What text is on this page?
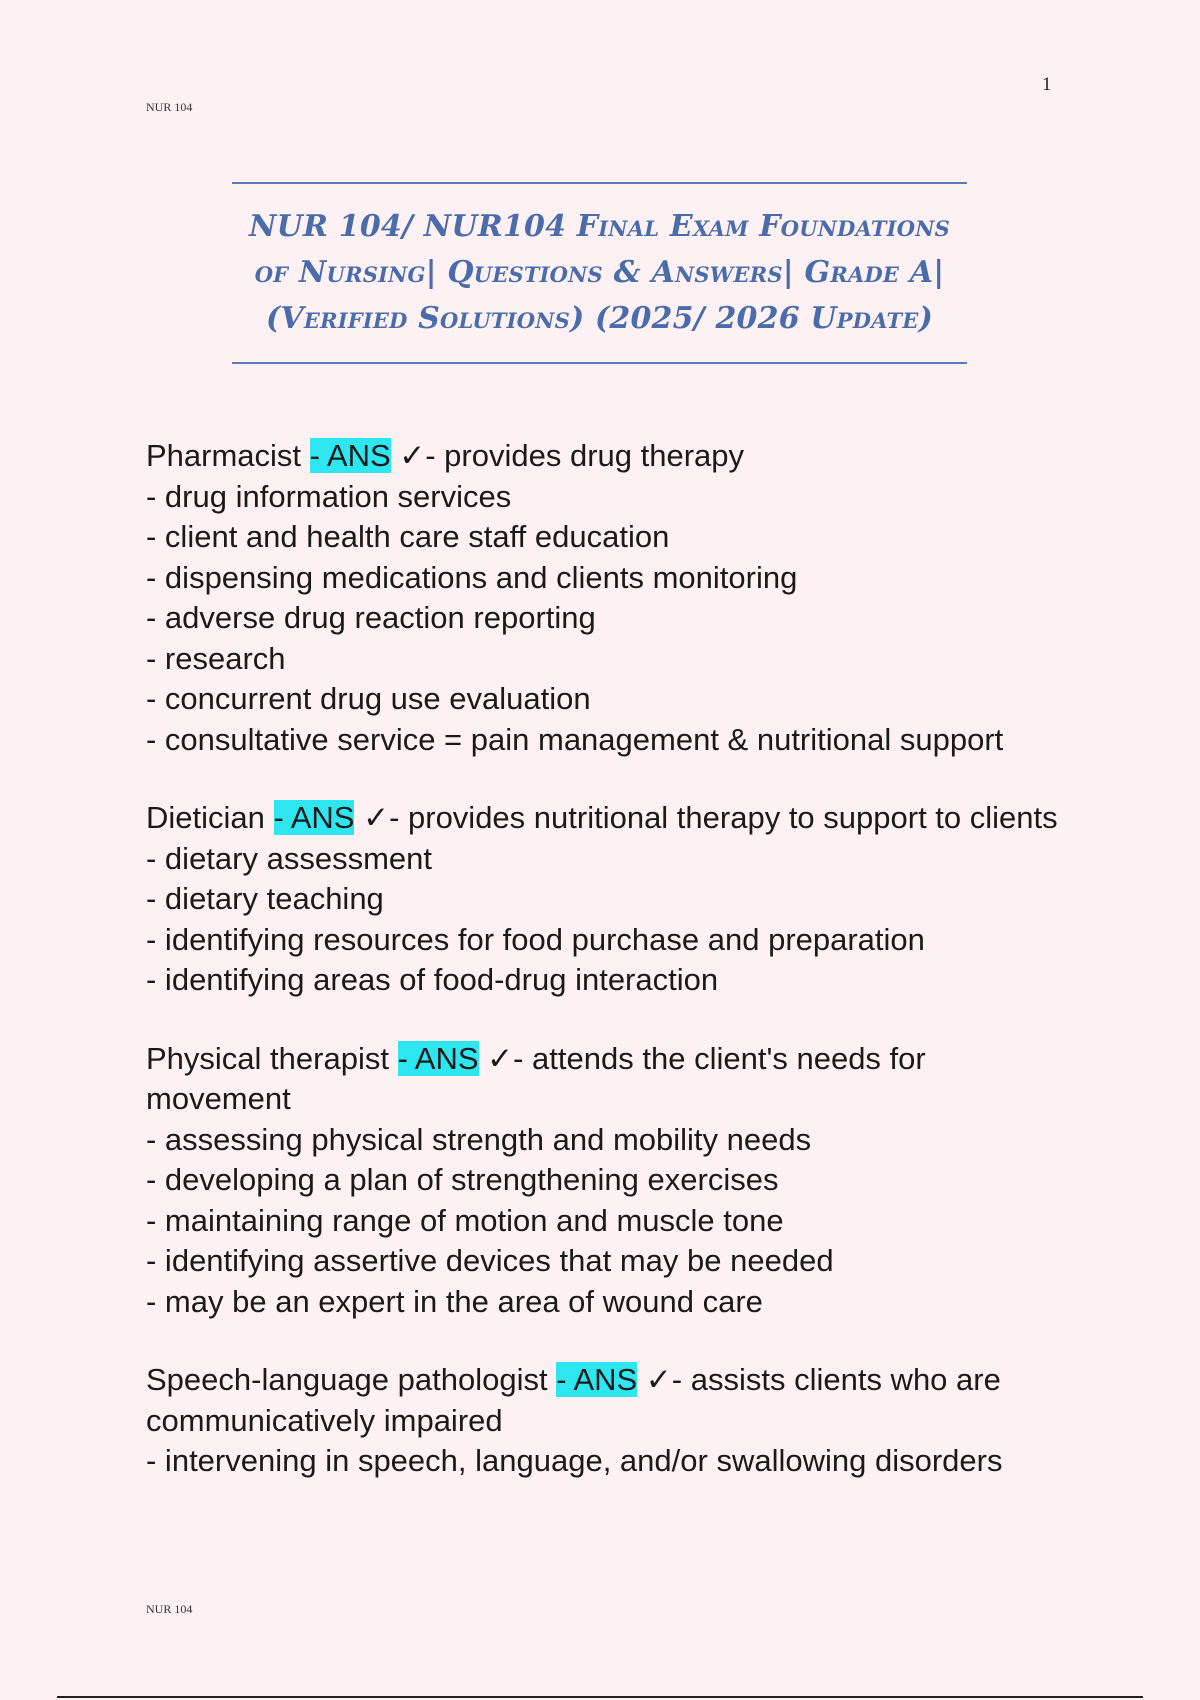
NUR 104
1
NUR 104/ NUR104 Final Exam Foundations
of Nursing| Questions & Answers| Grade A|
(Verified Solutions) (2025/ 2026 Update)
Pharmacist - ANS ✓- provides drug therapy
- drug information services
- client and health care staff education
- dispensing medications and clients monitoring
- adverse drug reaction reporting
- research
- concurrent drug use evaluation
- consultative service = pain management & nutritional support
Dietician - ANS ✓- provides nutritional therapy to support to clients
- dietary assessment
- dietary teaching
- identifying resources for food purchase and preparation
- identifying areas of food-drug interaction
Physical therapist - ANS ✓- attends the client's needs for movement
- assessing physical strength and mobility needs
- developing a plan of strengthening exercises
- maintaining range of motion and muscle tone
- identifying assertive devices that may be needed
- may be an expert in the area of wound care
Speech-language pathologist - ANS ✓- assists clients who are communicatively impaired
- intervening in speech, language, and/or swallowing disorders
NUR 104
